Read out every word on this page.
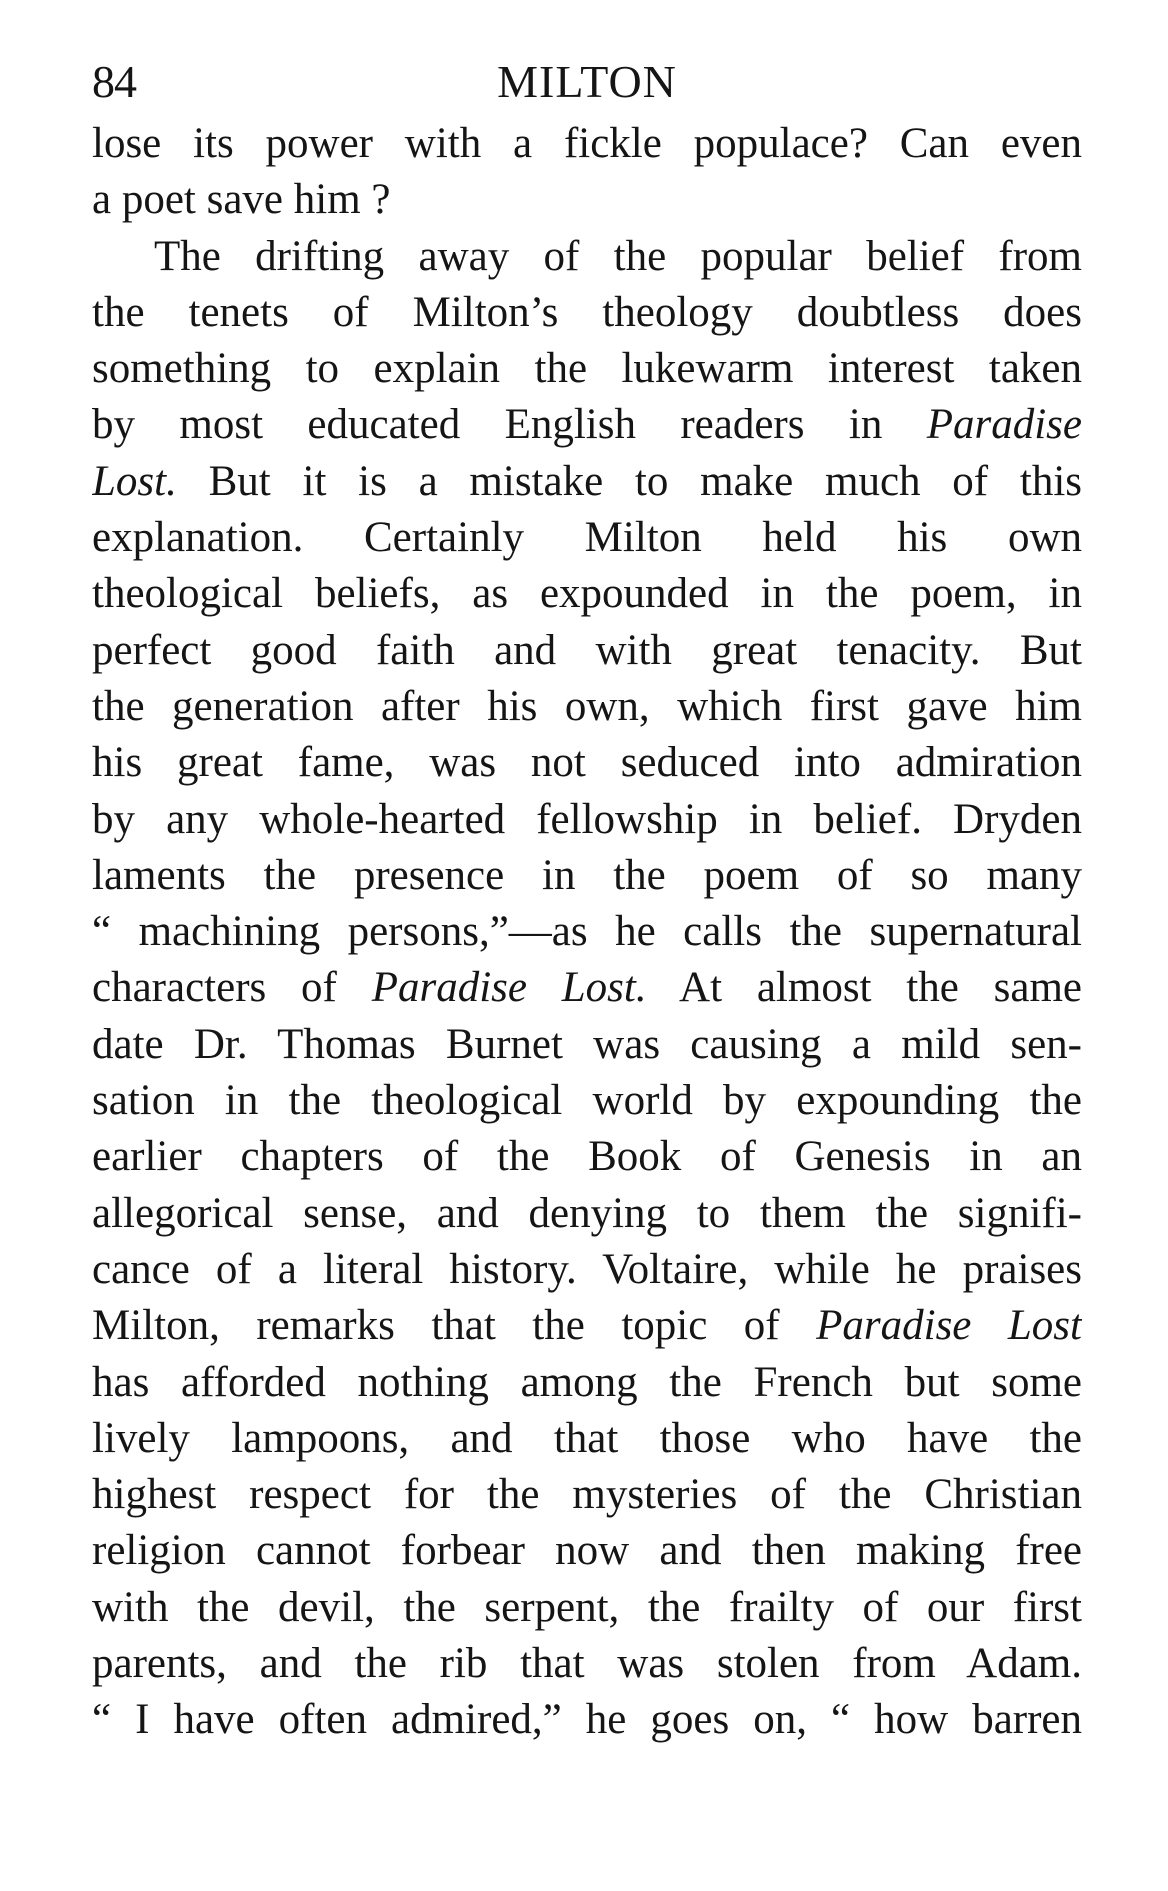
84	MILTON
lose its power with a fickle populace? Can even
a poet save him ?
The drifting away of the popular belief from
the tenets of Milton’s theology doubtless does
something to explain the lukewarm interest taken
by most educated English readers in Paradise
Lost. But it is a mistake to make much of this
explanation. Certainly Milton held his own
theological beliefs, as expounded in the poem, in
perfect good faith and with great tenacity. But
the generation after his own, which first gave him
his great fame, was not seduced into admiration
by any whole-hearted fellowship in belief. Dryden
laments the presence in the poem of so many
“ machining persons,”—as he calls the supernatural
characters of Paradise Lost. At almost the same
date Dr. Thomas Burnet was causing a mild sen-
sation in the theological world by expounding the
earlier chapters of the Book of Genesis in an
allegorical sense, and denying to them the signifi-
cance of a literal history. Voltaire, while he praises
Milton, remarks that the topic of Paradise Lost
has afforded nothing among the French but some
lively lampoons, and that those who have the
highest respect for the mysteries of the Christian
religion cannot forbear now and then making free
with the devil, the serpent, the frailty of our first
parents, and the rib that was stolen from Adam.
“ I have often admired,” he goes on, “ how barren
